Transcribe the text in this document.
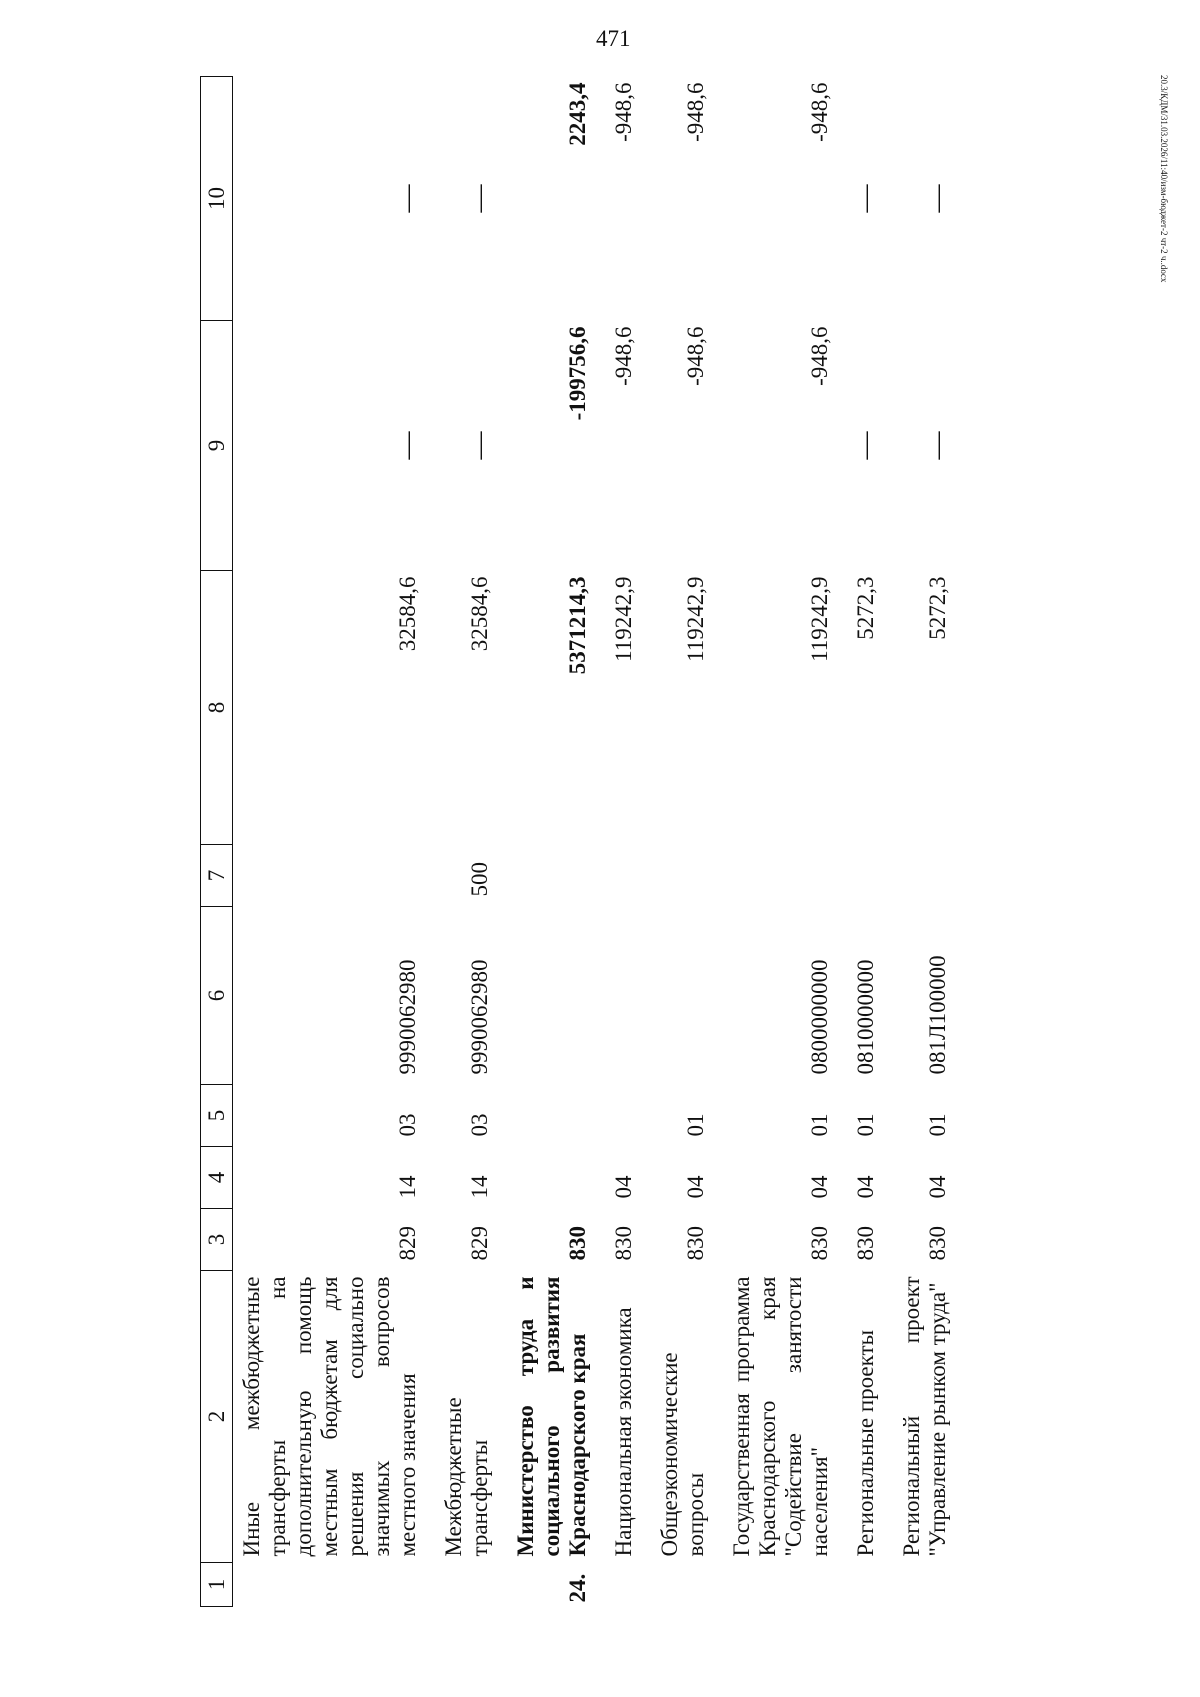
471
20.3/КДМ/31.03.2026/11:40/изм-бюджет-2 чт-2 ч..docx
1	2	3	4	5	6	7	8	9	10
	Иные межбюджетные трансферты на дополнительную помощь местным бюджетам для решения социально значимых вопросов местного значения	829	14	03	9990062980		32584,6	—	—
	Межбюджетные трансферты	829	14	03	9990062980	500	32584,6	—	—
24.	Министерство труда и социального развития Краснодарского края	830					5371214,3	-199756,6	2243,4
	Национальная экономика	830	04				119242,9	-948,6	-948,6
	Общеэкономические вопросы	830	04	01			119242,9	-948,6	-948,6
	Государственная программа Краснодарского края "Содействие занятости населения"	830	04	01	0800000000		119242,9	-948,6	-948,6
	Региональные проекты	830	04	01	0810000000		5272,3	—	—
	Региональный проект "Управление рынком труда"	830	04	01	081Л100000		5272,3	—	—
